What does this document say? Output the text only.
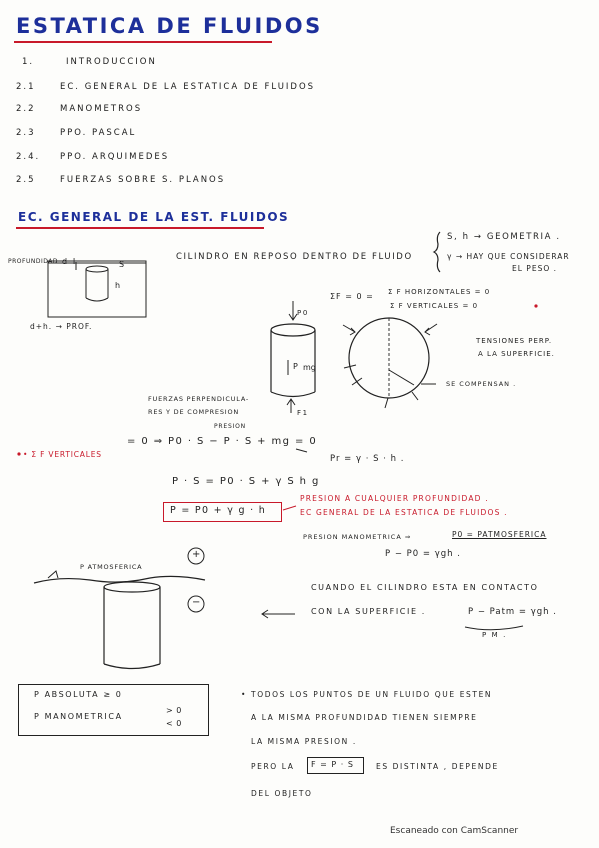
ESTATICA DE FLUIDOS
1.	INTRODUCCION
2.1	EC. GENERAL DE LA ESTATICA DE FLUIDOS
2.2	MANOMETROS
2.3	PPO. PASCAL
2.4. PPO. ARQUIMEDES
2.5	FUERZAS SOBRE S. PLANOS
EC. GENERAL DE LA EST. FLUIDOS
PROFUNDIDAD d I	S
h
d+h. → PROF.
CILINDRO EN REPOSO DENTRO DE FLUIDO
S, h → GEOMETRIA .
γ → HAY QUE CONSIDERAR
EL PESO .
ΣF = 0 = Σ F HORIZONTALES = 0
Σ F VERTICALES = 0
P0
P mg
F1
TENSIONES PERP.
A LA SUPERFICIE.
SE COMPENSAN .
FUERZAS PERPENDICULA-
RES Y DE COMPRESION
PRESION
• Σ F VERTICALES
= 0 ⇒ P0 · S − P · S + mg = 0
Pr = γ · S · h .
P · S = P0 · S + γ S h g
P = P0 + γ g · h
PRESION A CUALQUIER PROFUNDIDAD .
EC GENERAL DE LA ESTATICA DE FLUIDOS .
PRESION MANOMETRICA ⇒	P0 = PATMOSFERICA
P − P0 = γgh .
P ATMOSFERICA
+
−
CUANDO EL CILINDRO ESTA EN CONTACTO
CON LA SUPERFICIE .	P − Patm = γgh .
P M .
P ABSOLUTA ≥ 0
P MANOMETRICA
> 0
< 0
• TODOS LOS PUNTOS DE UN FLUIDO QUE ESTEN
A LA MISMA PROFUNDIDAD TIENEN SIEMPRE
LA MISMA PRESION .
PERO LA F = P · S	ES DISTINTA , DEPENDE
DEL OBJETO
Escaneado con CamScanner
